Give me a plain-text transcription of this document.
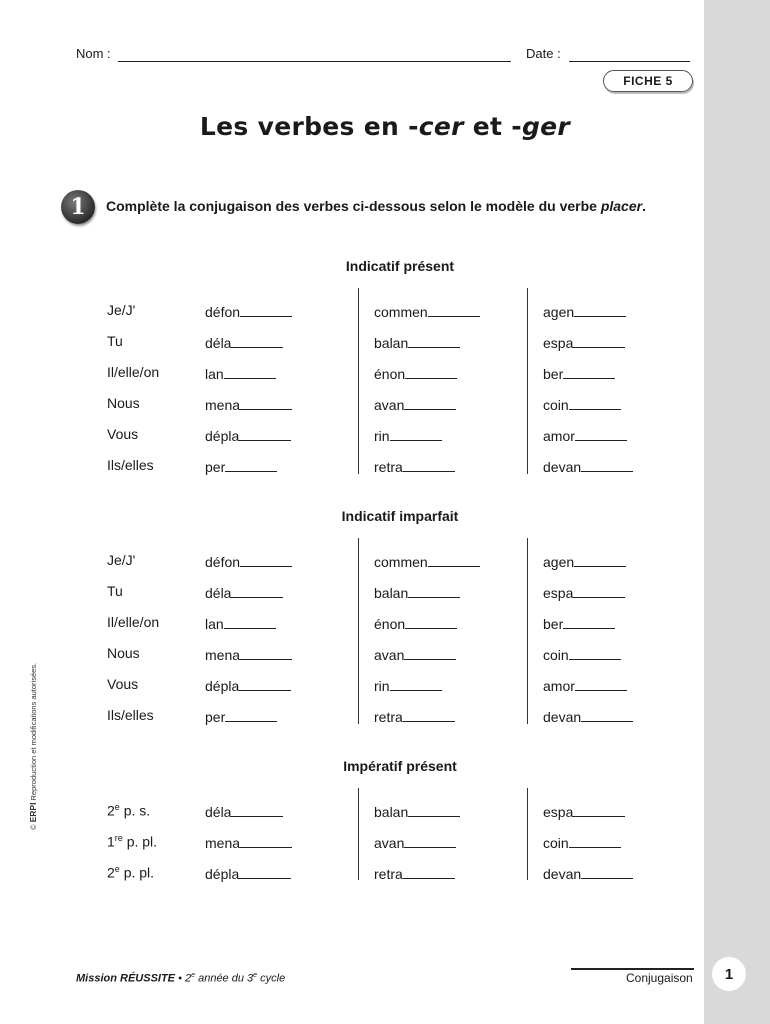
Nom :	Date :
FICHE 5
Les verbes en -cer et -ger
1	Complète la conjugaison des verbes ci-dessous selon le modèle du verbe placer.
Indicatif présent
Je/J'	défon	commen	agen
Tu	déla	balan	espa
Il/elle/on	lan	énon	ber
Nous	mena	avan	coin
Vous	dépla	rin	amor
Ils/elles	per	retra	devan
Indicatif imparfait
Je/J'	défon	commen	agen
Tu	déla	balan	espa
Il/elle/on	lan	énon	ber
Nous	mena	avan	coin
Vous	dépla	rin	amor
Ils/elles	per	retra	devan
Impératif présent
2e p. s.	déla	balan	espa
1re p. pl.	mena	avan	coin
2e p. pl.	dépla	retra	devan
© ERPI Reproduction et modifications autorisées.
Mission RÉUSSITE • 2e année du 3e cycle	Conjugaison	1
